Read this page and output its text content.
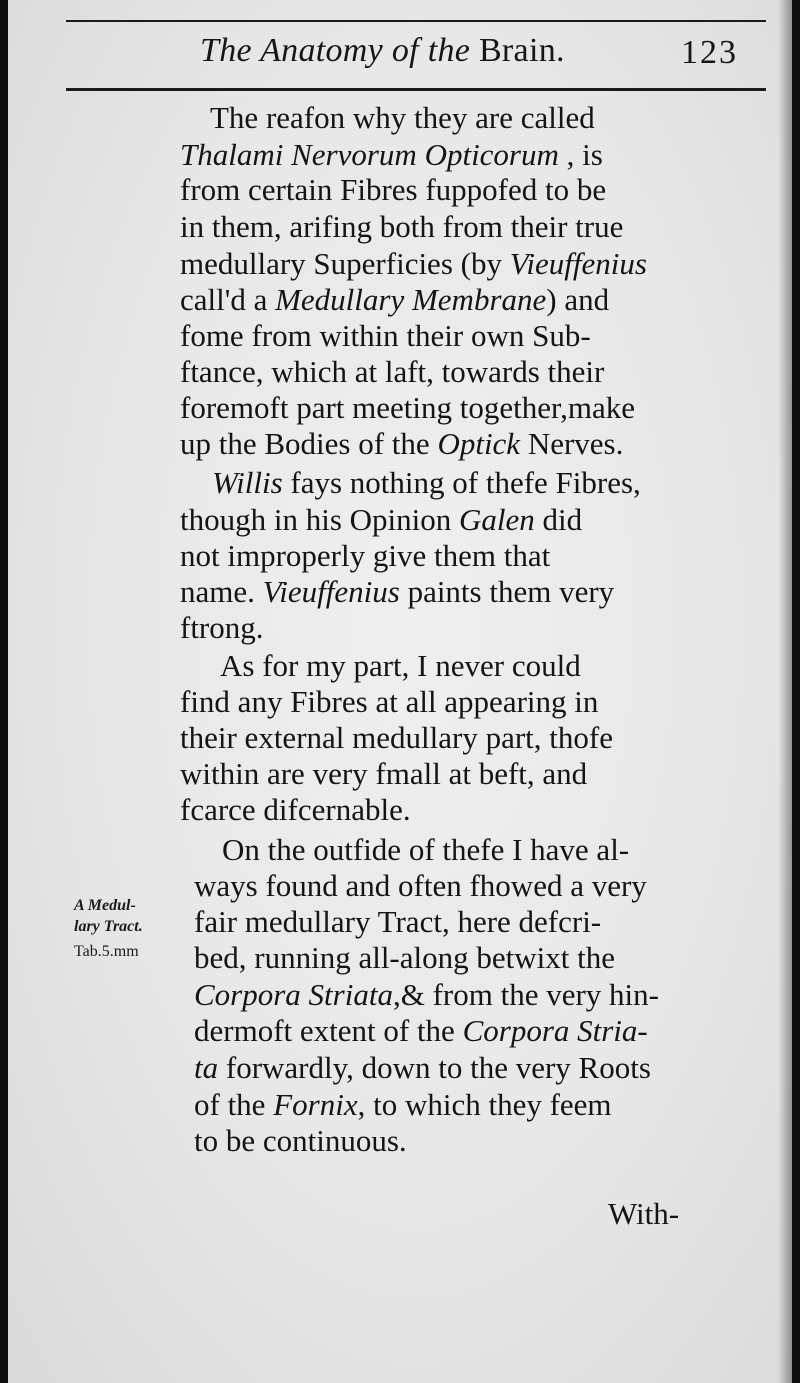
The Anatomy of the Brain.	123
The reafon why they are called
Thalami Nervorum Opticorum , is
from certain Fibres fuppofed to be
in them, arifing both from their true
medullary Superficies (by Vieuffenius
call'd a Medullary Membrane) and
fome from within their own Sub-
ftance, which at laft, towards their
foremoft part meeting together,make
up the Bodies of the Optick Nerves.
Willis fays nothing of thefe Fibres,
though in his Opinion Galen did
not improperly give them that
name. Vieuffenius paints them very
ftrong.
As for my part, I never could
find any Fibres at all appearing in
their external medullary part, thofe
within are very fmall at beft, and
fcarce difcernable.
On the outfide of thefe I have al-
ways found and often fhowed a very
fair medullary Tract, here defcri-
bed, running all-along betwixt the
Corpora Striata,& from the very hin-
dermoft extent of the Corpora Stria-
ta forwardly, down to the very Roots
of the Fornix, to which they feem
to be continuous.
With-
A Medul-
lary Tract.
Tab.5.mm
